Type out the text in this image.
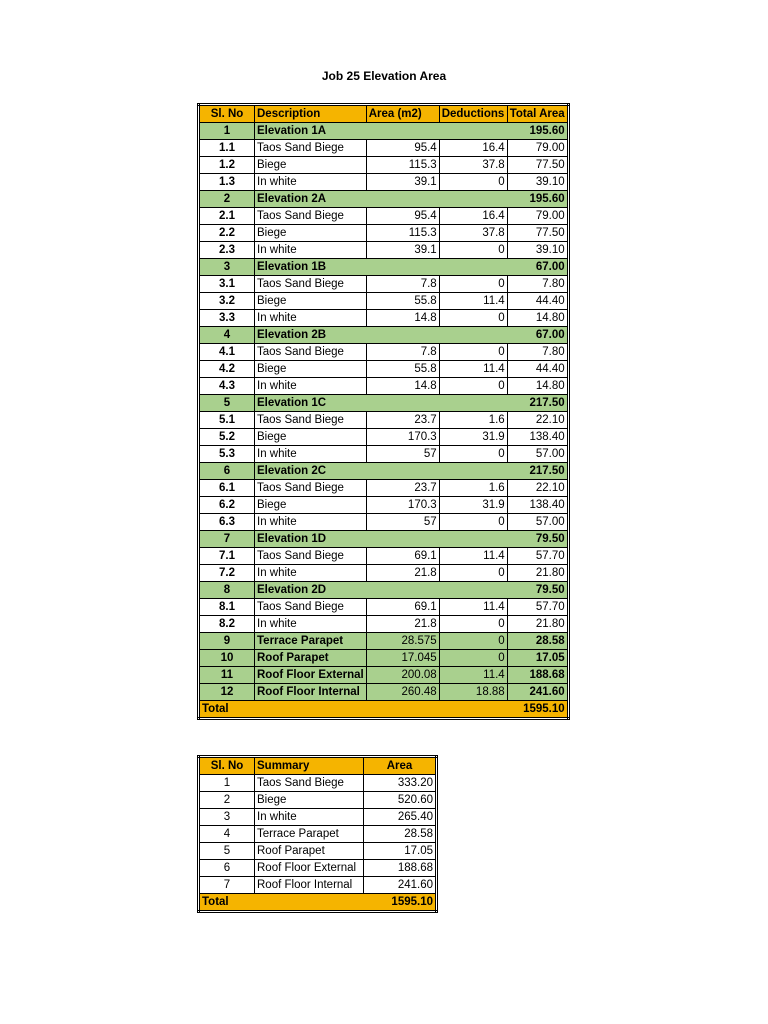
Job 25 Elevation Area
Sl. No	Description	Area (m2)	Deductions	Total Area
1	Elevation 1A			195.60
1.1	Taos Sand Biege	95.4	16.4	79.00
1.2	Biege	115.3	37.8	77.50
1.3	In white	39.1	0	39.10
2	Elevation 2A			195.60
2.1	Taos Sand Biege	95.4	16.4	79.00
2.2	Biege	115.3	37.8	77.50
2.3	In white	39.1	0	39.10
3	Elevation 1B			67.00
3.1	Taos Sand Biege	7.8	0	7.80
3.2	Biege	55.8	11.4	44.40
3.3	In white	14.8	0	14.80
4	Elevation 2B			67.00
4.1	Taos Sand Biege	7.8	0	7.80
4.2	Biege	55.8	11.4	44.40
4.3	In white	14.8	0	14.80
5	Elevation 1C			217.50
5.1	Taos Sand Biege	23.7	1.6	22.10
5.2	Biege	170.3	31.9	138.40
5.3	In white	57	0	57.00
6	Elevation 2C			217.50
6.1	Taos Sand Biege	23.7	1.6	22.10
6.2	Biege	170.3	31.9	138.40
6.3	In white	57	0	57.00
7	Elevation 1D			79.50
7.1	Taos Sand Biege	69.1	11.4	57.70
7.2	In white	21.8	0	21.80
8	Elevation 2D			79.50
8.1	Taos Sand Biege	69.1	11.4	57.70
8.2	In white	21.8	0	21.80
9	Terrace Parapet	28.575	0	28.58
10	Roof Parapet	17.045	0	17.05
11	Roof Floor External	200.08	11.4	188.68
12	Roof Floor Internal	260.48	18.88	241.60
Total				1595.10
Sl. No	Summary	Area
1	Taos Sand Biege	333.20
2	Biege	520.60
3	In white	265.40
4	Terrace Parapet	28.58
5	Roof Parapet	17.05
6	Roof Floor External	188.68
7	Roof Floor Internal	241.60
Total		1595.10
